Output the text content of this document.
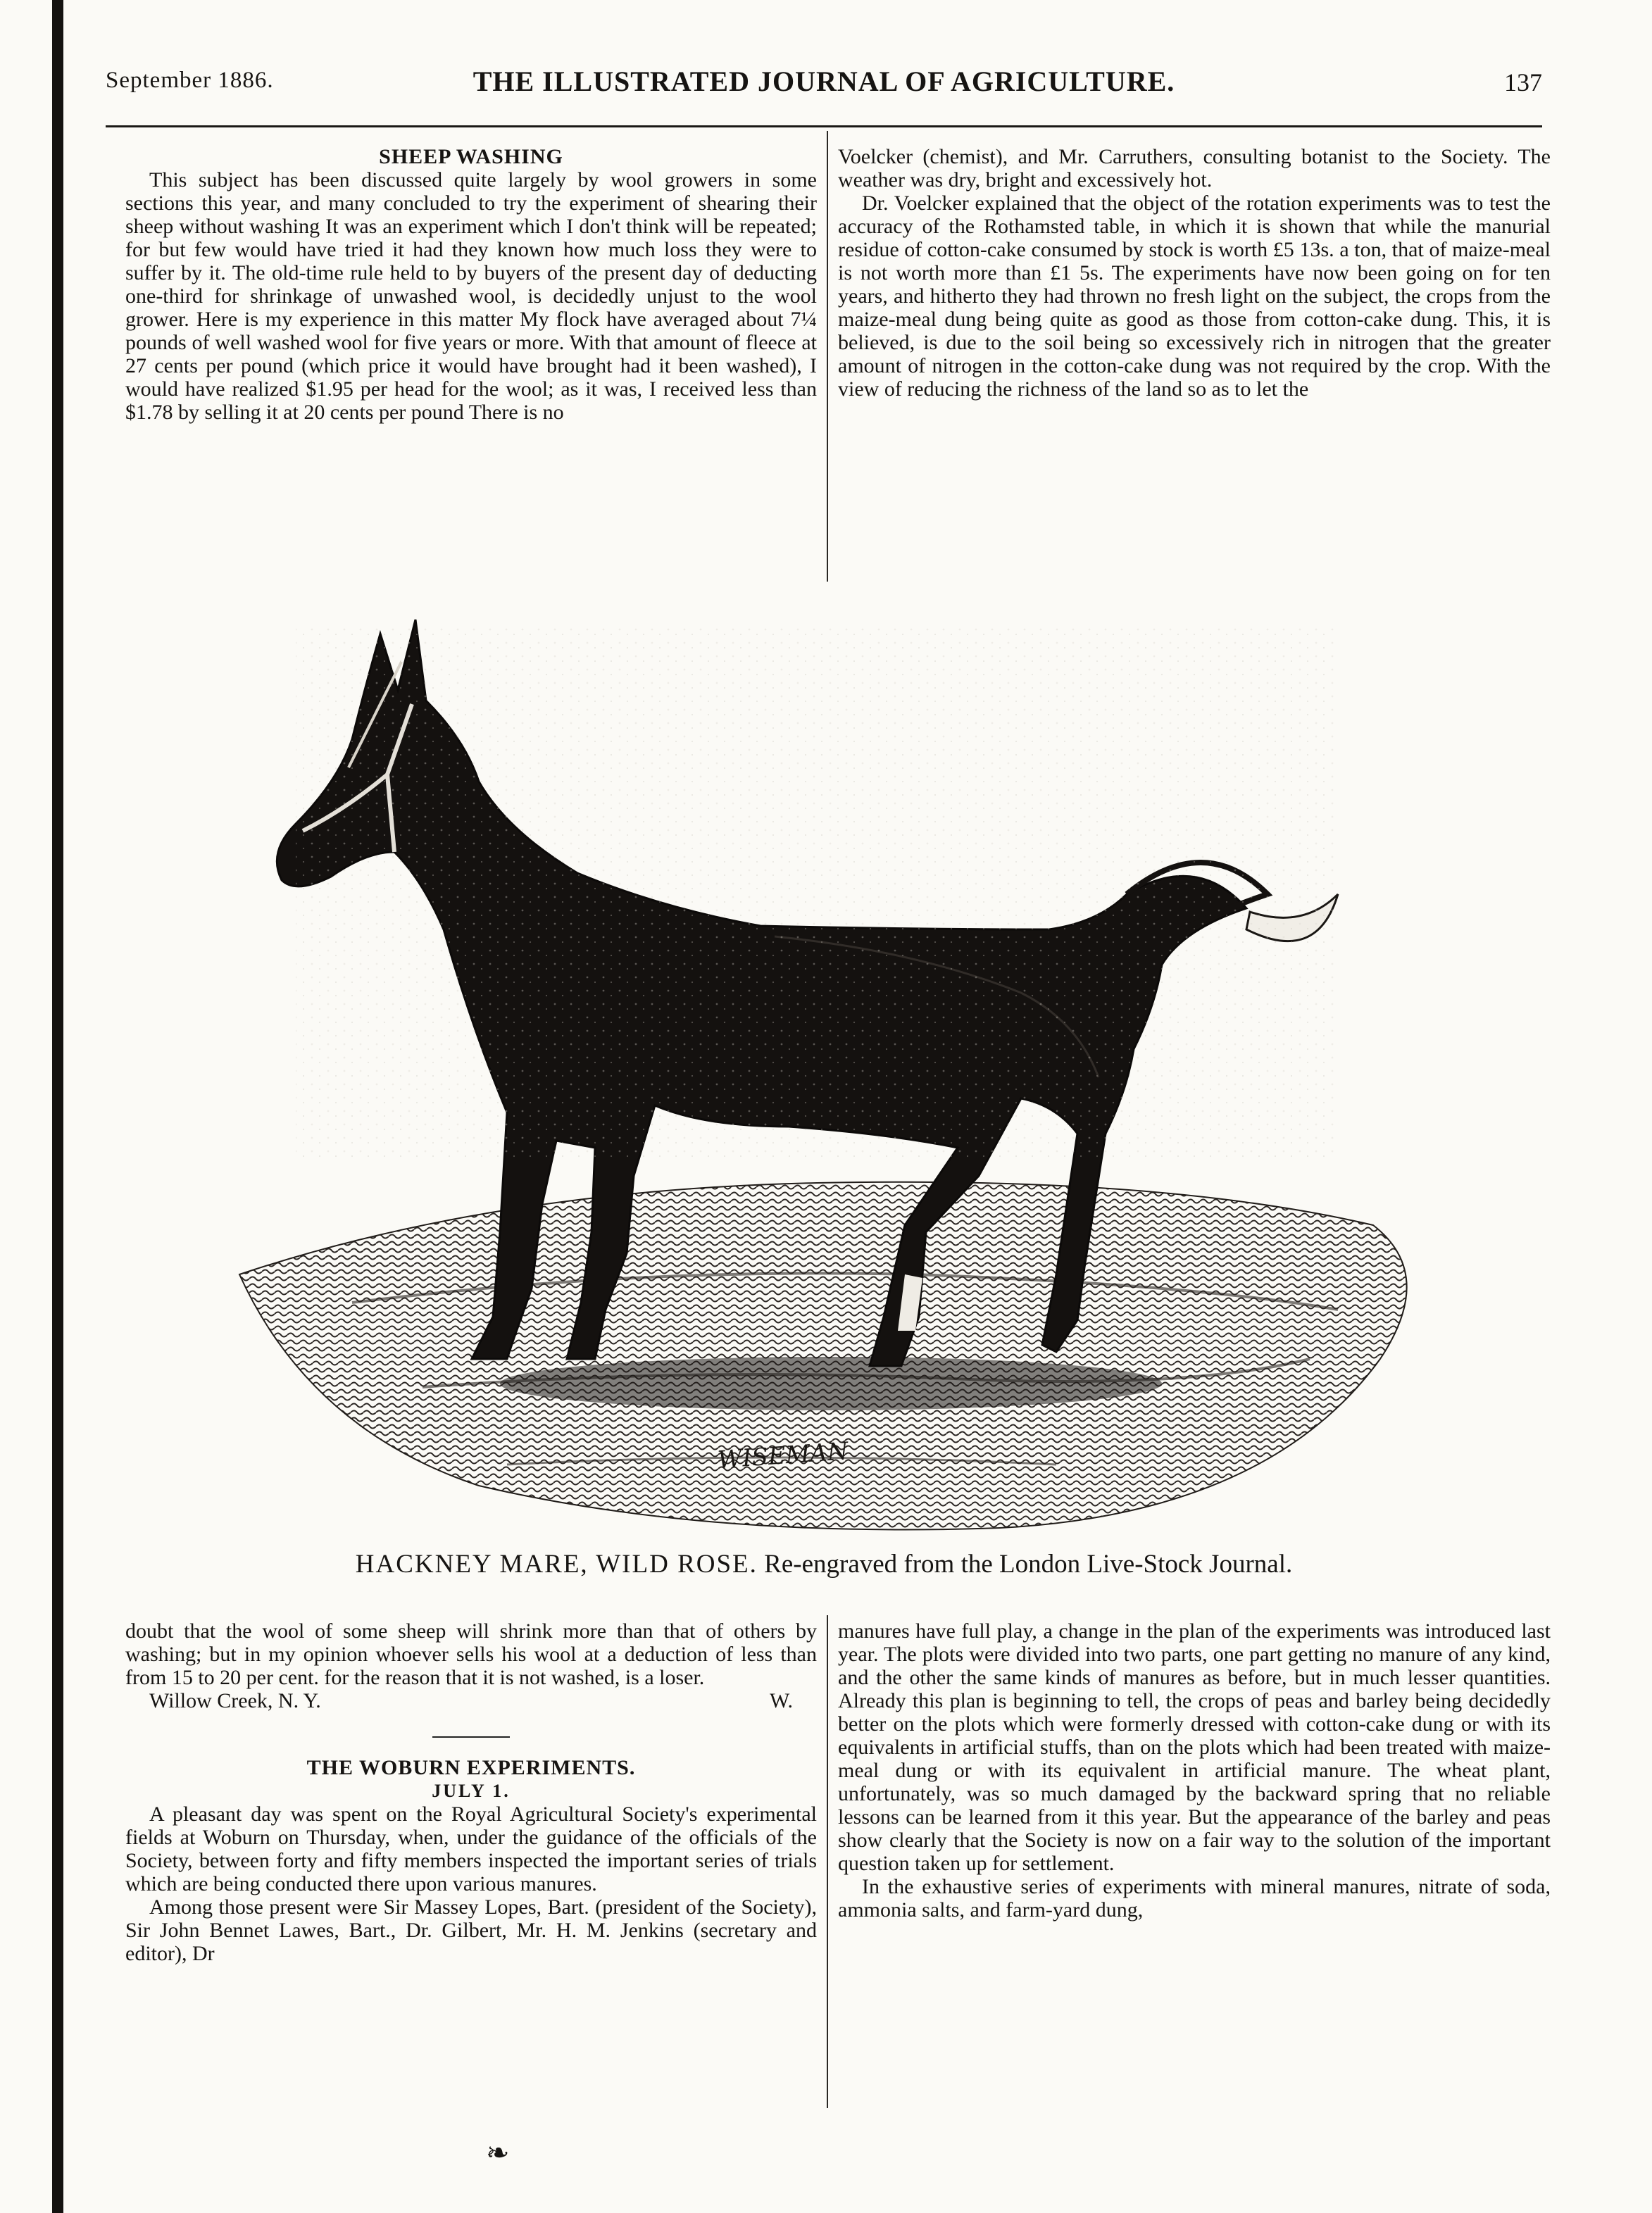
September 1886.	THE ILLUSTRATED JOURNAL OF AGRICULTURE.	137

SHEEP WASHING

This subject has been discussed quite largely by wool growers in some sections this year, and many concluded to try the experiment of shearing their sheep without washing It was an experiment which I don't think will be repeated; for but few would have tried it had they known how much loss they were to suffer by it. The old-time rule held to by buyers of the present day of deducting one-third for shrinkage of unwashed wool, is decidedly unjust to the wool grower. Here is my experience in this matter My flock have averaged about 7¼ pounds of well washed wool for five years or more. With that amount of fleece at 27 cents per pound (which price it would have brought had it been washed), I would have realized $1.95 per head for the wool; as it was, I received less than $1.78 by selling it at 20 cents per pound There is no

Voelcker (chemist), and Mr. Carruthers, consulting botanist to the Society. The weather was dry, bright and excessively hot.

Dr. Voelcker explained that the object of the rotation experiments was to test the accuracy of the Rothamsted table, in which it is shown that while the manurial residue of cotton-cake consumed by stock is worth £5 13s. a ton, that of maize-meal is not worth more than £1 5s. The experiments have now been going on for ten years, and hitherto they had thrown no fresh light on the subject, the crops from the maize-meal dung being quite as good as those from cotton-cake dung. This, it is believed, is due to the soil being so excessively rich in nitrogen that the greater amount of nitrogen in the cotton-cake dung was not required by the crop. With the view of reducing the richness of the land so as to let the

WISEMAN
HACKNEY MARE, WILD ROSE. Re-engraved from the London Live-Stock Journal.

doubt that the wool of some sheep will shrink more than that of others by washing; but in my opinion whoever sells his wool at a deduction of less than from 15 to 20 per cent. for the reason that it is not washed, is a loser.

Willow Creek, N. Y.	W.

THE WOBURN EXPERIMENTS.

JULY 1.

A pleasant day was spent on the Royal Agricultural Society's experimental fields at Woburn on Thursday, when, under the guidance of the officials of the Society, between forty and fifty members inspected the important series of trials which are being conducted there upon various manures.

Among those present were Sir Massey Lopes, Bart. (president of the Society), Sir John Bennet Lawes, Bart., Dr. Gilbert, Mr. H. M. Jenkins (secretary and editor), Dr

manures have full play, a change in the plan of the experiments was introduced last year. The plots were divided into two parts, one part getting no manure of any kind, and the other the same kinds of manures as before, but in much lesser quantities. Already this plan is beginning to tell, the crops of peas and barley being decidedly better on the plots which were formerly dressed with cotton-cake dung or with its equivalents in artificial stuffs, than on the plots which had been treated with maize-meal dung or with its equivalent in artificial manure. The wheat plant, unfortunately, was so much damaged by the backward spring that no reliable lessons can be learned from it this year. But the appearance of the barley and peas show clearly that the Society is now on a fair way to the solution of the important question taken up for settlement.

In the exhaustive series of experiments with mineral manures, nitrate of soda, ammonia salts, and farm-yard dung,

❧
